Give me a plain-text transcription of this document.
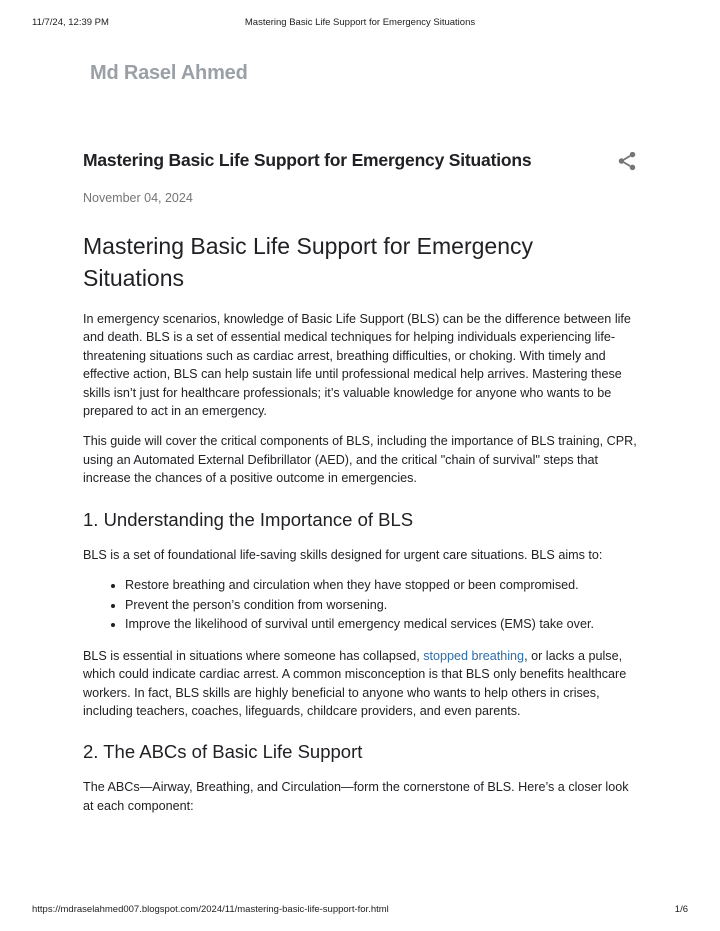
11/7/24, 12:39 PM	Mastering Basic Life Support for Emergency Situations
Md Rasel Ahmed
Mastering Basic Life Support for Emergency Situations
November 04, 2024
Mastering Basic Life Support for Emergency Situations

In emergency scenarios, knowledge of Basic Life Support (BLS) can be the difference between life and death. BLS is a set of essential medical techniques for helping individuals experiencing life-threatening situations such as cardiac arrest, breathing difficulties, or choking. With timely and effective action, BLS can help sustain life until professional medical help arrives. Mastering these skills isn’t just for healthcare professionals; it’s valuable knowledge for anyone who wants to be prepared to act in an emergency.

This guide will cover the critical components of BLS, including the importance of BLS training, CPR, using an Automated External Defibrillator (AED), and the critical "chain of survival" steps that increase the chances of a positive outcome in emergencies.

1. Understanding the Importance of BLS

BLS is a set of foundational life-saving skills designed for urgent care situations. BLS aims to:

• Restore breathing and circulation when they have stopped or been compromised.
• Prevent the person’s condition from worsening.
• Improve the likelihood of survival until emergency medical services (EMS) take over.

BLS is essential in situations where someone has collapsed, stopped breathing, or lacks a pulse, which could indicate cardiac arrest. A common misconception is that BLS only benefits healthcare workers. In fact, BLS skills are highly beneficial to anyone who wants to help others in crises, including teachers, coaches, lifeguards, childcare providers, and even parents.

2. The ABCs of Basic Life Support

The ABCs—Airway, Breathing, and Circulation—form the cornerstone of BLS. Here’s a closer look at each component:

https://mdraselahmed007.blogspot.com/2024/11/mastering-basic-life-support-for.html	1/6
